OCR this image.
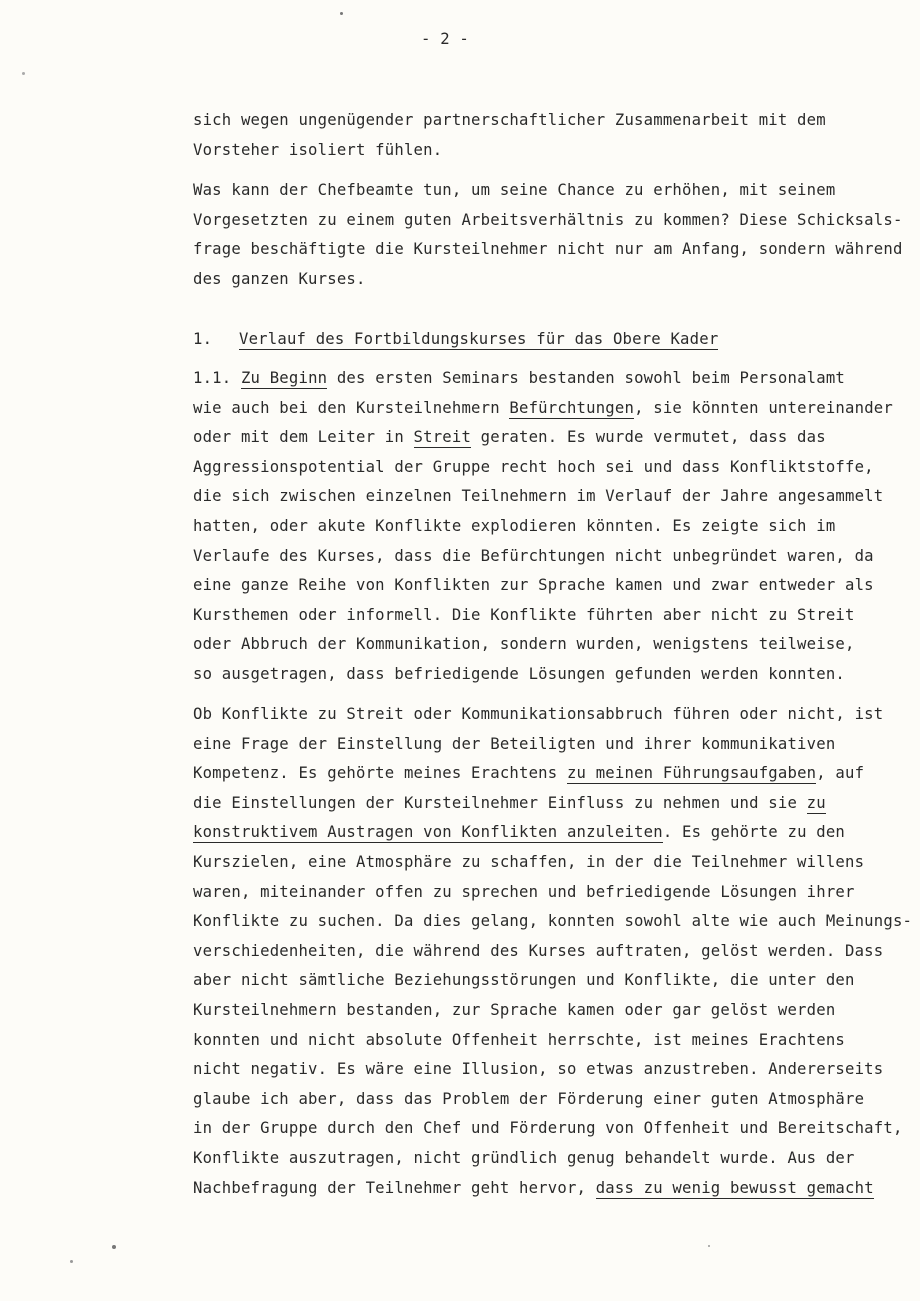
- 2 -
sich wegen ungenügender partnerschaftlicher Zusammenarbeit mit dem
Vorsteher isoliert fühlen.
Was kann der Chefbeamte tun, um seine Chance zu erhöhen, mit seinem
Vorgesetzten zu einem guten Arbeitsverhältnis zu kommen? Diese Schicksals-
frage beschäftigte die Kursteilnehmer nicht nur am Anfang, sondern während
des ganzen Kurses.
1. Verlauf des Fortbildungskurses für das Obere Kader
1.1. Zu Beginn des ersten Seminars bestanden sowohl beim Personalamt
wie auch bei den Kursteilnehmern Befürchtungen, sie könnten untereinander
oder mit dem Leiter in Streit geraten. Es wurde vermutet, dass das
Aggressionspotential der Gruppe recht hoch sei und dass Konfliktstoffe,
die sich zwischen einzelnen Teilnehmern im Verlauf der Jahre angesammelt
hatten, oder akute Konflikte explodieren könnten. Es zeigte sich im
Verlaufe des Kurses, dass die Befürchtungen nicht unbegründet waren, da
eine ganze Reihe von Konflikten zur Sprache kamen und zwar entweder als
Kursthemen oder informell. Die Konflikte führten aber nicht zu Streit
oder Abbruch der Kommunikation, sondern wurden, wenigstens teilweise,
so ausgetragen, dass befriedigende Lösungen gefunden werden konnten.
Ob Konflikte zu Streit oder Kommunikationsabbruch führen oder nicht, ist
eine Frage der Einstellung der Beteiligten und ihrer kommunikativen
Kompetenz. Es gehörte meines Erachtens zu meinen Führungsaufgaben, auf
die Einstellungen der Kursteilnehmer Einfluss zu nehmen und sie zu
konstruktivem Austragen von Konflikten anzuleiten. Es gehörte zu den
Kurszielen, eine Atmosphäre zu schaffen, in der die Teilnehmer willens
waren, miteinander offen zu sprechen und befriedigende Lösungen ihrer
Konflikte zu suchen. Da dies gelang, konnten sowohl alte wie auch Meinungs-
verschiedenheiten, die während des Kurses auftraten, gelöst werden. Dass
aber nicht sämtliche Beziehungsstörungen und Konflikte, die unter den
Kursteilnehmern bestanden, zur Sprache kamen oder gar gelöst werden
konnten und nicht absolute Offenheit herrschte, ist meines Erachtens
nicht negativ. Es wäre eine Illusion, so etwas anzustreben. Andererseits
glaube ich aber, dass das Problem der Förderung einer guten Atmosphäre
in der Gruppe durch den Chef und Förderung von Offenheit und Bereitschaft,
Konflikte auszutragen, nicht gründlich genug behandelt wurde. Aus der
Nachbefragung der Teilnehmer geht hervor, dass zu wenig bewusst gemacht
